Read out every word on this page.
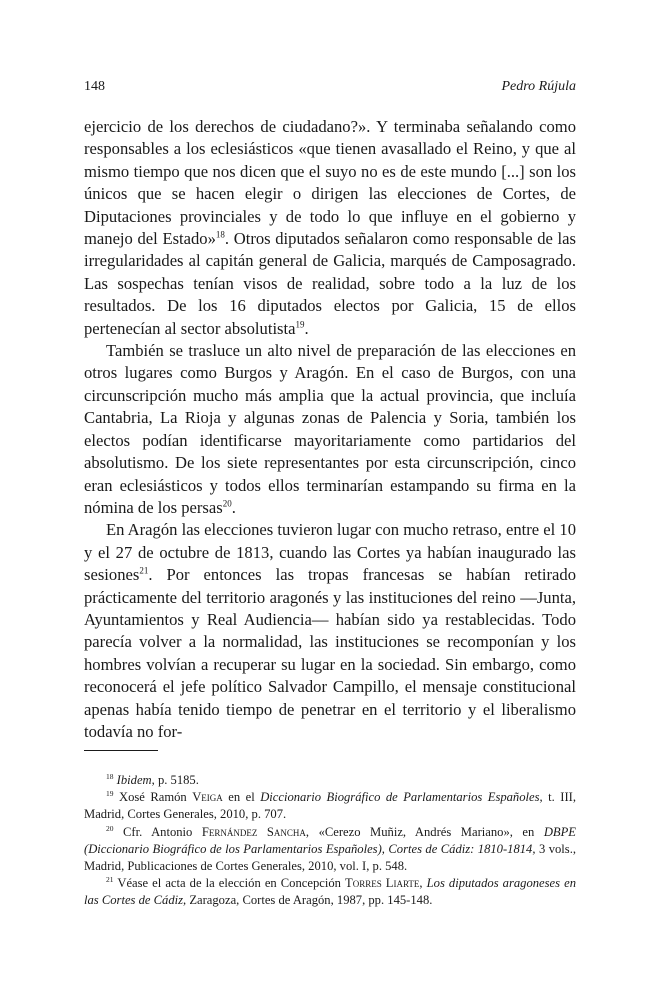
148	Pedro Rújula

ejercicio de los derechos de ciudadano?». Y terminaba señalando como responsables a los eclesiásticos «que tienen avasallado el Reino, y que al mismo tiempo que nos dicen que el suyo no es de este mundo [...] son los únicos que se hacen elegir o dirigen las elecciones de Cortes, de Diputaciones provinciales y de todo lo que influye en el gobierno y manejo del Estado»$^{18}$. Otros diputados señalaron como responsable de las irregularidades al capitán general de Galicia, marqués de Camposagrado. Las sospechas tenían visos de realidad, sobre todo a la luz de los resultados. De los 16 diputados electos por Galicia, 15 de ellos pertenecían al sector absolutista$^{19}$.

También se trasluce un alto nivel de preparación de las elecciones en otros lugares como Burgos y Aragón. En el caso de Burgos, con una circunscripción mucho más amplia que la actual provincia, que incluía Cantabria, La Rioja y algunas zonas de Palencia y Soria, también los electos podían identificarse mayoritariamente como partidarios del absolutismo. De los siete representantes por esta circunscripción, cinco eran eclesiásticos y todos ellos terminarían estampando su firma en la nómina de los persas$^{20}$.

En Aragón las elecciones tuvieron lugar con mucho retraso, entre el 10 y el 27 de octubre de 1813, cuando las Cortes ya habían inaugurado las sesiones$^{21}$. Por entonces las tropas francesas se habían retirado prácticamente del territorio aragonés y las instituciones del reino —Junta, Ayuntamientos y Real Audiencia— habían sido ya restablecidas. Todo parecía volver a la normalidad, las instituciones se recomponían y los hombres volvían a recuperar su lugar en la sociedad. Sin embargo, como reconocerá el jefe político Salvador Campillo, el mensaje constitucional apenas había tenido tiempo de penetrar en el territorio y el liberalismo todavía no for-

$^{18}$ Ibidem, p. 5185.

$^{19}$ Xosé Ramón Veiga en el Diccionario Biográfico de Parlamentarios Españoles, t. III, Madrid, Cortes Generales, 2010, p. 707.

$^{20}$ Cfr. Antonio Fernández Sancha, «Cerezo Muñiz, Andrés Mariano», en DBPE (Diccionario Biográfico de los Parlamentarios Españoles), Cortes de Cádiz: 1810-1814, 3 vols., Madrid, Publicaciones de Cortes Generales, 2010, vol. I, p. 548.

$^{21}$ Véase el acta de la elección en Concepción Torres Liarte, Los diputados aragoneses en las Cortes de Cádiz, Zaragoza, Cortes de Aragón, 1987, pp. 145-148.
